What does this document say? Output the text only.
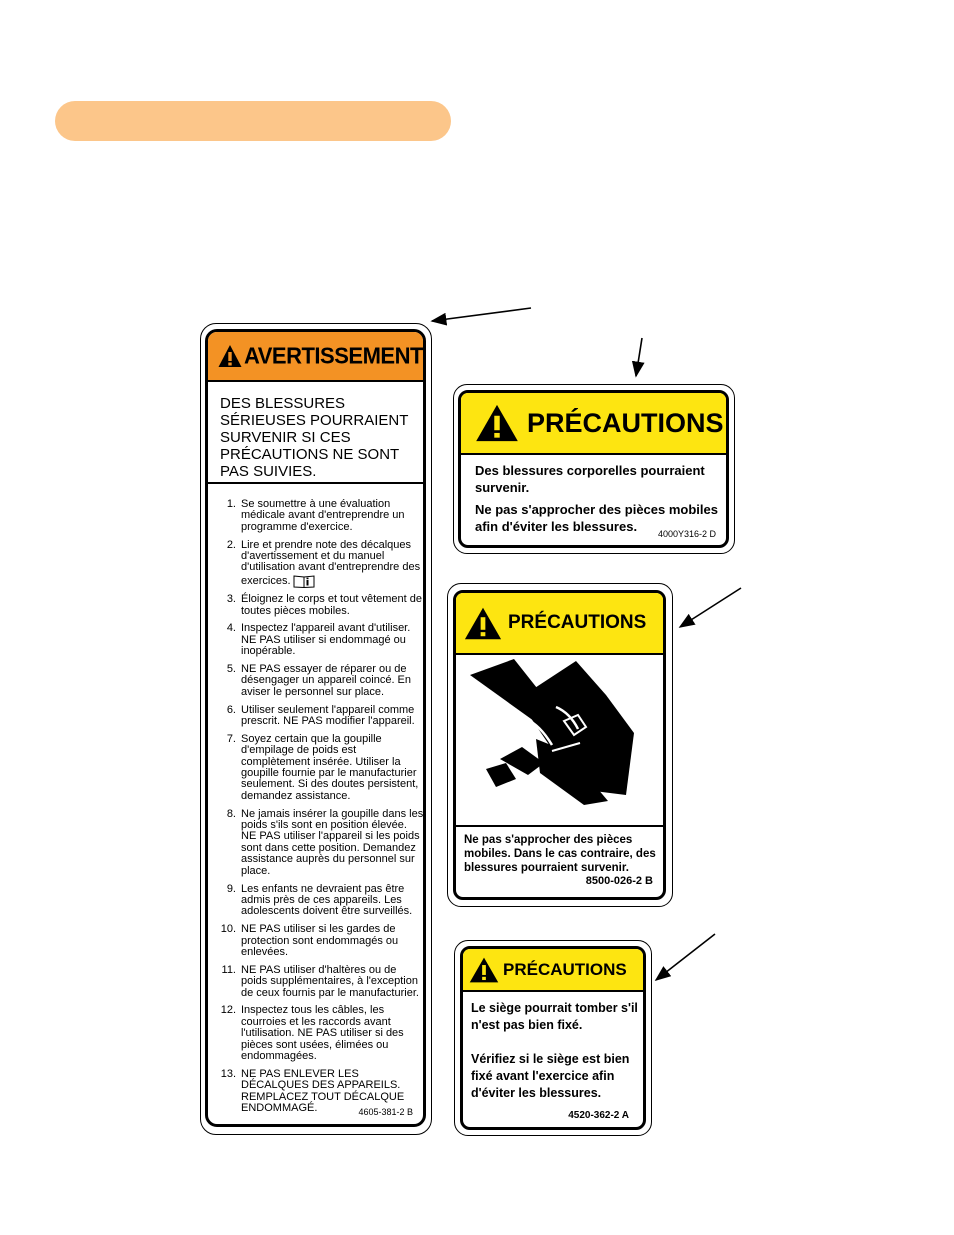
AVERTISSEMENT
DES BLESSURES SÉRIEUSES POURRAIENT SURVENIR SI CES PRÉCAUTIONS NE SONT PAS SUIVIES.
1. Se soumettre à une évaluation médicale avant d'entreprendre un programme d'exercice.
2. Lire et prendre note des décalques d'avertissement et du manuel d'utilisation avant d'entreprendre des exercices.
3. Éloignez le corps et tout vêtement de toutes pièces mobiles.
4. Inspectez l'appareil avant d'utiliser. NE PAS utiliser si endommagé ou inopérable.
5. NE PAS essayer de réparer ou de désengager un appareil coincé. En aviser le personnel sur place.
6. Utiliser seulement l'appareil comme prescrit. NE PAS modifier l'appareil.
7. Soyez certain que la goupille d'empilage de poids est complètement insérée. Utiliser la goupille fournie par le manufacturier seulement. Si des doutes persistent, demandez assistance.
8. Ne jamais insérer la goupille dans les poids s'ils sont en position élevée. NE PAS utiliser l'appareil si les poids sont dans cette position. Demandez assistance auprès du personnel sur place.
9. Les enfants ne devraient pas être admis près de ces appareils. Les adolescents doivent être surveillés.
10. NE PAS utiliser si les gardes de protection sont endommagés ou enlevées.
11. NE PAS utiliser d'haltères ou de poids supplémentaires, à l'exception de ceux fournis par le manufacturier.
12. Inspectez tous les câbles, les courroies et les raccords avant l'utilisation. NE PAS utiliser si des pièces sont usées, élimées ou endommagées.
13. NE PAS ENLEVER LES DÉCALQUES DES APPAREILS. REMPLACEZ TOUT DÉCALQUE ENDOMMAGÉ.	4605-381-2 B
PRÉCAUTIONS

Des blessures corporelles pourraient survenir.

Ne pas s'approcher des pièces mobiles afin d'éviter les blessures.

4000Y316-2 D
PRÉCAUTIONS
Ne pas s'approcher des pièces mobiles. Dans le cas contraire, des blessures pourraient survenir.
8500-026-2 B
PRÉCAUTIONS

Le siège pourrait tomber s'il n'est pas bien fixé.

Vérifiez si le siège est bien fixé avant l'exercice afin d'éviter les blessures.

4520-362-2 A
